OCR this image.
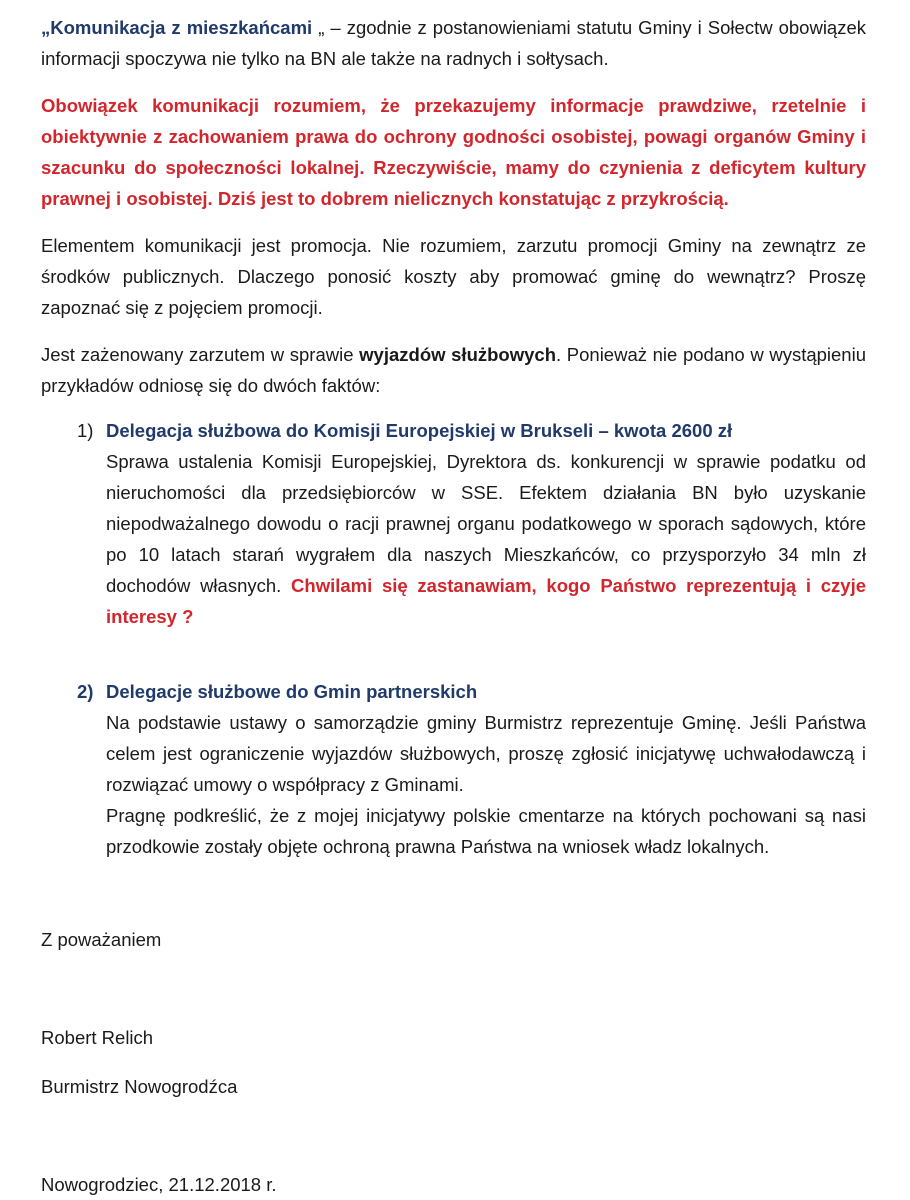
„Komunikacja z mieszkańcami „ – zgodnie z postanowieniami statutu Gminy i Sołectw obowiązek informacji spoczywa nie tylko na BN ale także na radnych i sołtysach.

Obowiązek komunikacji rozumiem, że przekazujemy informacje prawdziwe, rzetelnie i obiektywnie z zachowaniem prawa do ochrony godności osobistej, powagi organów Gminy i szacunku do społeczności lokalnej. Rzeczywiście, mamy do czynienia z deficytem kultury prawnej i osobistej. Dziś jest to dobrem nielicznych konstatując z przykrością.

Elementem komunikacji jest promocja. Nie rozumiem, zarzutu promocji Gminy na zewnątrz ze środków publicznych. Dlaczego ponosić koszty aby promować gminę do wewnątrz? Proszę zapoznać się z pojęciem promocji.

Jest zażenowany zarzutem w sprawie wyjazdów służbowych. Ponieważ nie podano w wystąpieniu przykładów odniosę się do dwóch faktów:

1) Delegacja służbowa do Komisji Europejskiej w Brukseli – kwota 2600 zł

Sprawa ustalenia Komisji Europejskiej, Dyrektora ds. konkurencji w sprawie podatku od nieruchomości dla przedsiębiorców w SSE. Efektem działania BN było uzyskanie niepodważalnego dowodu o racji prawnej organu podatkowego w sporach sądowych, które po 10 latach starań wygrałem dla naszych Mieszkańców, co przysporzyło 34 mln zł dochodów własnych. Chwilami się zastanawiam, kogo Państwo reprezentują i czyje interesy ?

2) Delegacje służbowe do Gmin partnerskich

Na podstawie ustawy o samorządzie gminy Burmistrz reprezentuje Gminę. Jeśli Państwa celem jest ograniczenie wyjazdów służbowych, proszę zgłosić inicjatywę uchwałodawczą i rozwiązać umowy o współpracy z Gminami.

Pragnę podkreślić, że z mojej inicjatywy polskie cmentarze na których pochowani są nasi przodkowie zostały objęte ochroną prawna Państwa na wniosek władz lokalnych.

Z poważaniem

Robert Relich

Burmistrz Nowogrodźca

Nowogrodziec, 21.12.2018 r.
